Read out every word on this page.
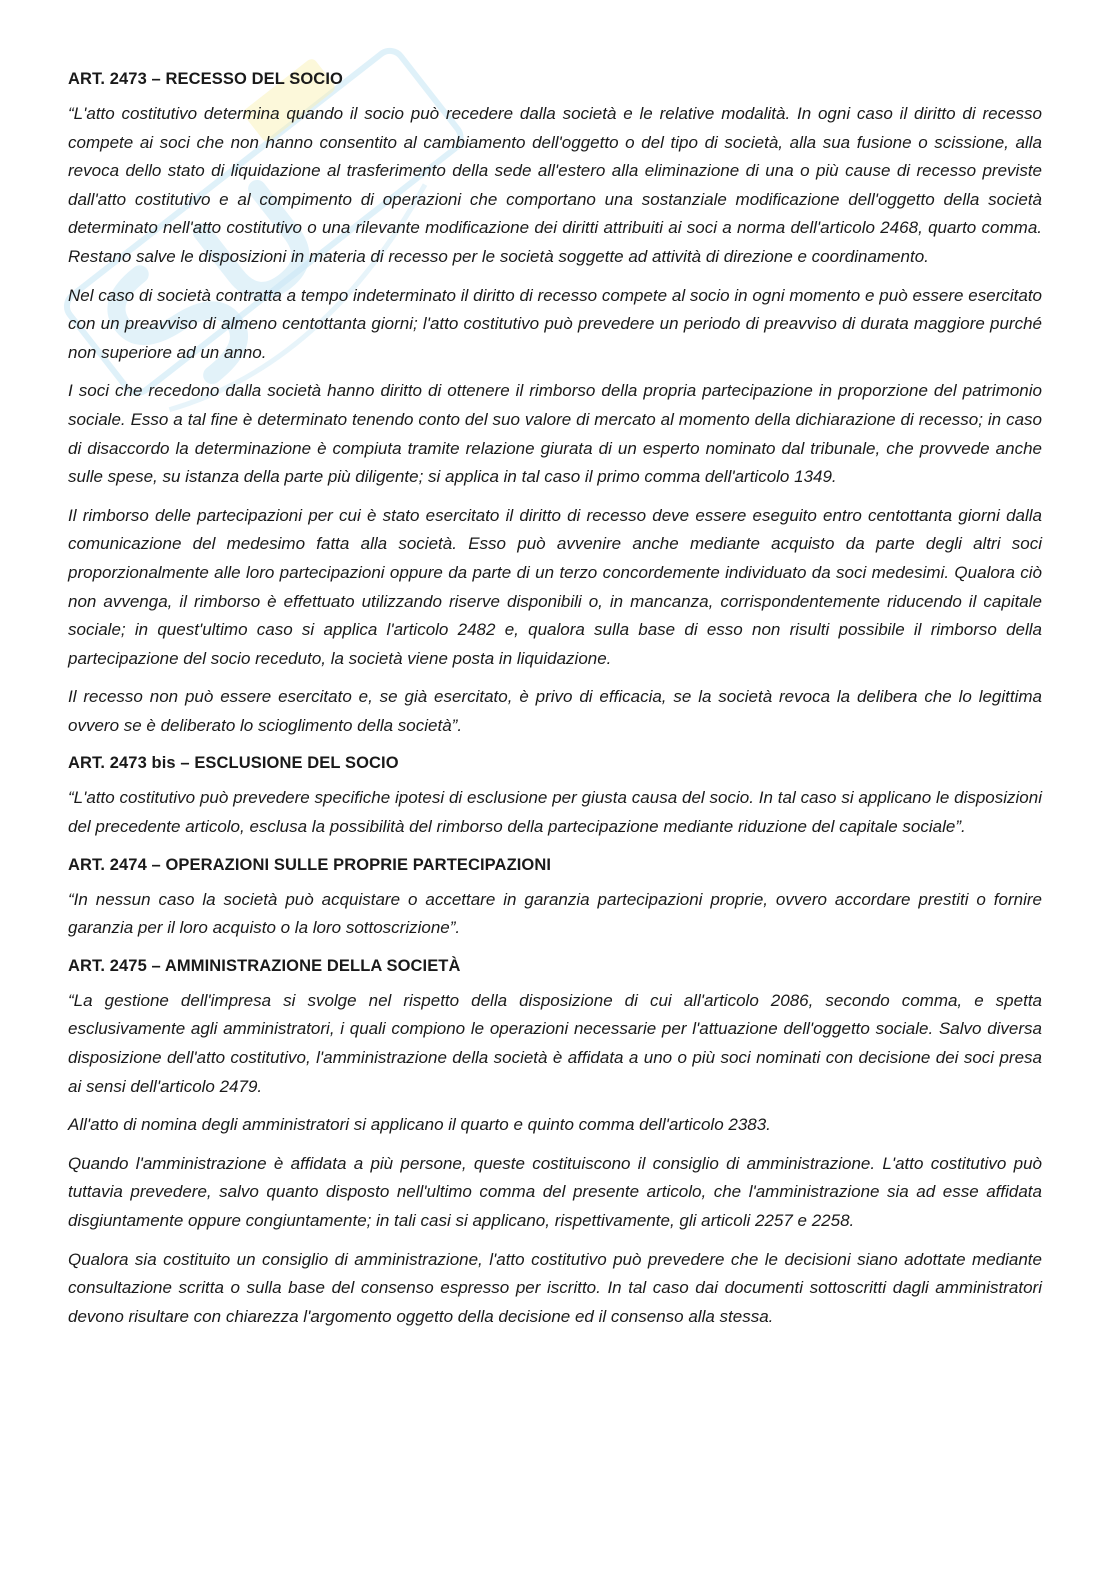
ART. 2473 – RECESSO DEL SOCIO

“L'atto costitutivo determina quando il socio può recedere dalla società e le relative modalità. In ogni caso il diritto di recesso compete ai soci che non hanno consentito al cambiamento dell'oggetto o del tipo di società, alla sua fusione o scissione, alla revoca dello stato di liquidazione al trasferimento della sede all'estero alla eliminazione di una o più cause di recesso previste dall'atto costitutivo e al compimento di operazioni che comportano una sostanziale modificazione dell'oggetto della società determinato nell'atto costitutivo o una rilevante modificazione dei diritti attribuiti ai soci a norma dell'articolo 2468, quarto comma. Restano salve le disposizioni in materia di recesso per le società soggette ad attività di direzione e coordinamento.

Nel caso di società contratta a tempo indeterminato il diritto di recesso compete al socio in ogni momento e può essere esercitato con un preavviso di almeno centottanta giorni; l'atto costitutivo può prevedere un periodo di preavviso di durata maggiore purché non superiore ad un anno.

I soci che recedono dalla società hanno diritto di ottenere il rimborso della propria partecipazione in proporzione del patrimonio sociale. Esso a tal fine è determinato tenendo conto del suo valore di mercato al momento della dichiarazione di recesso; in caso di disaccordo la determinazione è compiuta tramite relazione giurata di un esperto nominato dal tribunale, che provvede anche sulle spese, su istanza della parte più diligente; si applica in tal caso il primo comma dell'articolo 1349.

Il rimborso delle partecipazioni per cui è stato esercitato il diritto di recesso deve essere eseguito entro centottanta giorni dalla comunicazione del medesimo fatta alla società. Esso può avvenire anche mediante acquisto da parte degli altri soci proporzionalmente alle loro partecipazioni oppure da parte di un terzo concordemente individuato da soci medesimi. Qualora ciò non avvenga, il rimborso è effettuato utilizzando riserve disponibili o, in mancanza, corrispondentemente riducendo il capitale sociale; in quest'ultimo caso si applica l'articolo 2482 e, qualora sulla base di esso non risulti possibile il rimborso della partecipazione del socio receduto, la società viene posta in liquidazione.

Il recesso non può essere esercitato e, se già esercitato, è privo di efficacia, se la società revoca la delibera che lo legittima ovvero se è deliberato lo scioglimento della società”.

ART. 2473 bis – ESCLUSIONE DEL SOCIO

“L'atto costitutivo può prevedere specifiche ipotesi di esclusione per giusta causa del socio. In tal caso si applicano le disposizioni del precedente articolo, esclusa la possibilità del rimborso della partecipazione mediante riduzione del capitale sociale”.

ART. 2474 – OPERAZIONI SULLE PROPRIE PARTECIPAZIONI

“In nessun caso la società può acquistare o accettare in garanzia partecipazioni proprie, ovvero accordare prestiti o fornire garanzia per il loro acquisto o la loro sottoscrizione”.

ART. 2475 – AMMINISTRAZIONE DELLA SOCIETÀ

“La gestione dell'impresa si svolge nel rispetto della disposizione di cui all'articolo 2086, secondo comma, e spetta esclusivamente agli amministratori, i quali compiono le operazioni necessarie per l'attuazione dell'oggetto sociale. Salvo diversa disposizione dell'atto costitutivo, l'amministrazione della società è affidata a uno o più soci nominati con decisione dei soci presa ai sensi dell'articolo 2479.

All'atto di nomina degli amministratori si applicano il quarto e quinto comma dell'articolo 2383.

Quando l'amministrazione è affidata a più persone, queste costituiscono il consiglio di amministrazione. L'atto costitutivo può tuttavia prevedere, salvo quanto disposto nell'ultimo comma del presente articolo, che l'amministrazione sia ad esse affidata disgiuntamente oppure congiuntamente; in tali casi si applicano, rispettivamente, gli articoli 2257 e 2258.

Qualora sia costituito un consiglio di amministrazione, l'atto costitutivo può prevedere che le decisioni siano adottate mediante consultazione scritta o sulla base del consenso espresso per iscritto. In tal caso dai documenti sottoscritti dagli amministratori devono risultare con chiarezza l'argomento oggetto della decisione ed il consenso alla stessa.
